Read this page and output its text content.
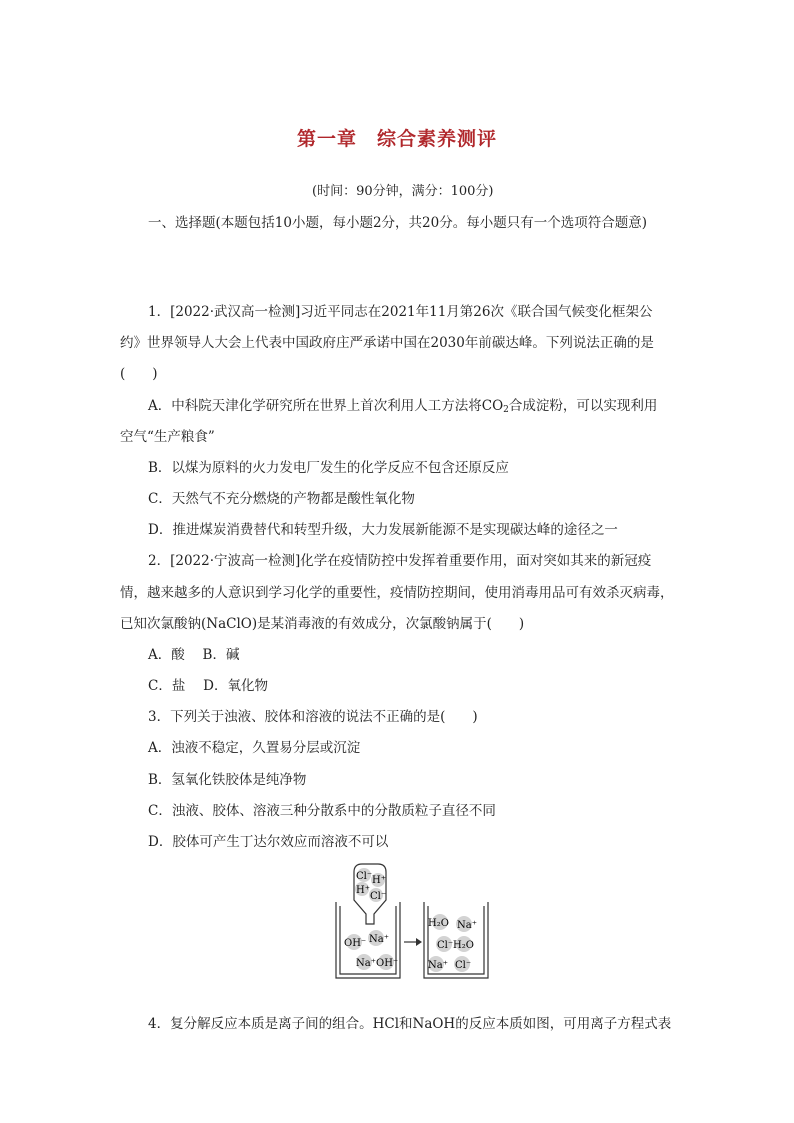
第一章　综合素养测评
(时间：90分钟，满分：100分)
一、选择题(本题包括10小题，每小题2分，共20分。每小题只有一个选项符合题意)
1．[2022·武汉高一检测]习近平同志在2021年11月第26次《联合国气候变化框架公
约》世界领导人大会上代表中国政府庄严承诺中国在2030年前碳达峰。下列说法正确的是
(　　)
A．中科院天津化学研究所在世界上首次利用人工方法将$CO_2$合成淀粉，可以实现利用
空气“生产粮食”
B．以煤为原料的火力发电厂发生的化学反应不包含还原反应
C．天然气不充分燃烧的产物都是酸性氧化物
D．推进煤炭消费替代和转型升级，大力发展新能源不是实现碳达峰的途径之一
2．[2022·宁波高一检测]化学在疫情防控中发挥着重要作用，面对突如其来的新冠疫
情，越来越多的人意识到学习化学的重要性，疫情防控期间，使用消毒用品可有效杀灭病毒，
已知次氯酸钠(NaClO)是某消毒液的有效成分，次氯酸钠属于(　　)
A．酸　 B．碱
C．盐　 D．氧化物
3．下列关于浊液、胶体和溶液的说法不正确的是(　　)
A．浊液不稳定，久置易分层或沉淀
B．氢氧化铁胶体是纯净物
C．浊液、胶体、溶液三种分散系中的分散质粒子直径不同
D．胶体可产生丁达尔效应而溶液不可以
Cl⁻ H⁺
H⁺
Cl⁻
OH⁻ Na⁺
Na⁺ OH⁻
H₂O Na⁺
Cl⁻ H₂O
Na⁺ Cl⁻
4．复分解反应本质是离子间的组合。HCl和NaOH的反应本质如图，可用离子方程式表
